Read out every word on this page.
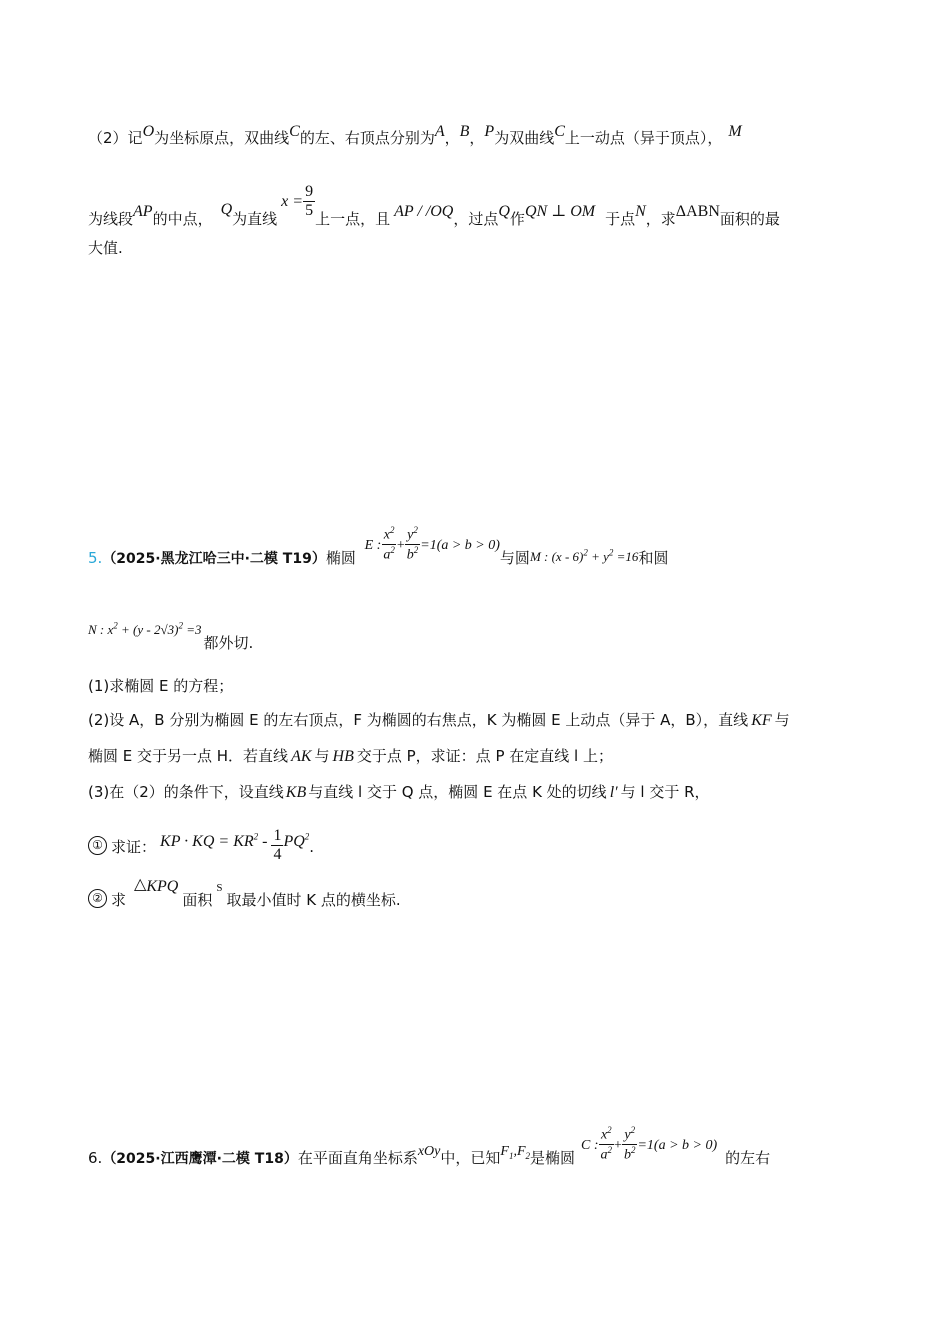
（2）记O为坐标原点，双曲线C的左、右顶点分别为A，B，P为双曲线C上一动点（异于顶点）， M
为线段AP的中点，Q为直线$x = \frac{9}{5}$ 上一点，且 AP / /OQ，过点Q作QN ⊥ OM 于点N，求ΔABN面积的最
大值.
5.（2025·黑龙江哈三中·二模 T19）椭圆 E : $\frac{x^2}{a^2} + \frac{y^2}{b^2} =1(a > b > 0)$与圆M : $(x - 6)^2 + y^2 =16$和圆
N : $x^2 + (y - 2√3)^2 =3$都外切.
(1)求椭圆 E 的方程；
(2)设 A，B 分别为椭圆 E 的左右顶点，F 为椭圆的右焦点，K 为椭圆 E 上动点（异于 A，B），直线 KF 与
椭圆 E 交于另一点 H．若直线 AK 与 HB 交于点 P，求证：点 P 在定直线 l 上；
(3)在（2）的条件下，设直线 KB 与直线 l 交于 Q 点，椭圆 E 在点 K 处的切线 l′ 与 l 交于 R，
① 求证： KP · KQ = $KR^2 - \frac{1}{4} PQ^2$.
② 求△KPQ面积S取最小值时 K 点的横坐标.
6.（2025·江西鹰潭·二模 T18）在平面直角坐标系xOy中，已知$F_1,F_2$是椭圆C : $\frac{x^2}{a^2} + \frac{y^2}{b^2} =1(a > b > 0)$的左右
